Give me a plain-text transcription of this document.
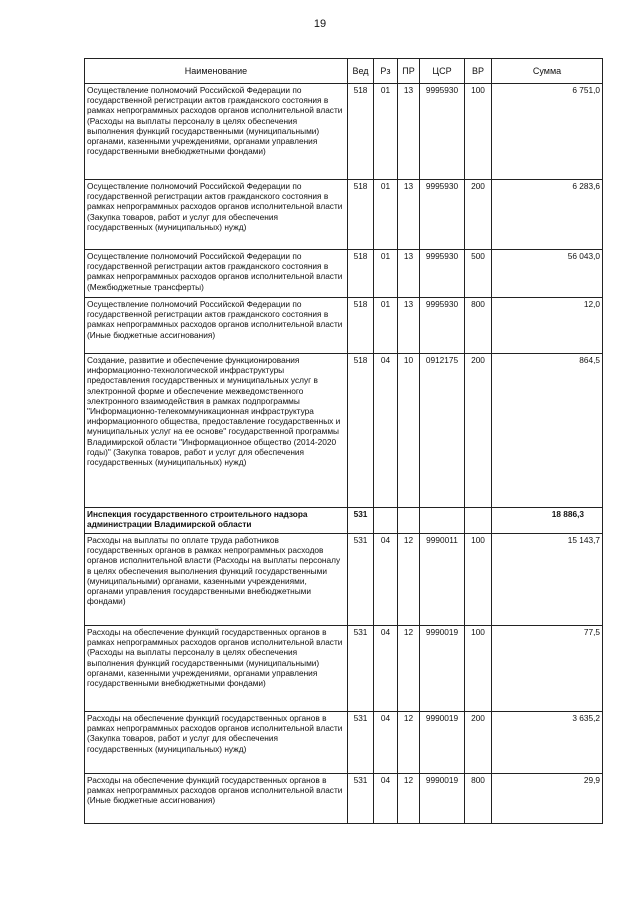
19
Наименование	Вед	Рз	ПР	ЦСР	ВР	Сумма
Осуществление полномочий Российской Федерации по государственной регистрации актов гражданского состояния в рамках непрограммных расходов органов исполнительной власти (Расходы на выплаты персоналу в целях обеспечения выполнения функций государственными (муниципальными) органами, казенными учреждениями, органами управления государственными внебюджетными фондами)	518	01	13	9995930	100	6 751,0
Осуществление полномочий Российской Федерации по государственной регистрации актов гражданского состояния в рамках непрограммных расходов органов исполнительной власти (Закупка товаров, работ и услуг для обеспечения государственных (муниципальных) нужд)	518	01	13	9995930	200	6 283,6
Осуществление полномочий Российской Федерации по государственной регистрации актов гражданского состояния в рамках непрограммных расходов органов исполнительной власти (Межбюджетные трансферты)	518	01	13	9995930	500	56 043,0
Осуществление полномочий Российской Федерации по государственной регистрации актов гражданского состояния в рамках непрограммных расходов органов исполнительной власти (Иные бюджетные ассигнования)	518	01	13	9995930	800	12,0
Создание, развитие и обеспечение функционирования информационно-технологической инфраструктуры предоставления государственных и муниципальных услуг в электронной форме и обеспечение межведомственного электронного взаимодействия в рамках подпрограммы "Информационно-телекоммуникационная инфраструктура информационного общества, предоставление государственных и муниципальных услуг на ее основе" государственной программы Владимирской области "Информационное общество (2014-2020 годы)" (Закупка товаров, работ и услуг для обеспечения государственных (муниципальных) нужд)	518	04	10	0912175	200	864,5
Инспекция государственного строительного надзора администрации Владимирской области	531					18 886,3
Расходы на выплаты по оплате труда работников государственных органов в рамках непрограммных расходов органов исполнительной власти (Расходы на выплаты персоналу в целях обеспечения выполнения функций государственными (муниципальными) органами, казенными учреждениями, органами управления государственными внебюджетными фондами)	531	04	12	9990011	100	15 143,7
Расходы на обеспечение функций государственных органов в рамках непрограммных расходов органов исполнительной власти (Расходы на выплаты персоналу в целях обеспечения выполнения функций государственными (муниципальными) органами, казенными учреждениями, органами управления государственными внебюджетными фондами)	531	04	12	9990019	100	77,5
Расходы на обеспечение функций государственных органов в рамках непрограммных расходов органов исполнительной власти (Закупка товаров, работ и услуг для обеспечения государственных (муниципальных) нужд)	531	04	12	9990019	200	3 635,2
Расходы на обеспечение функций государственных органов в рамках непрограммных расходов органов исполнительной власти (Иные бюджетные ассигнования)	531	04	12	9990019	800	29,9
